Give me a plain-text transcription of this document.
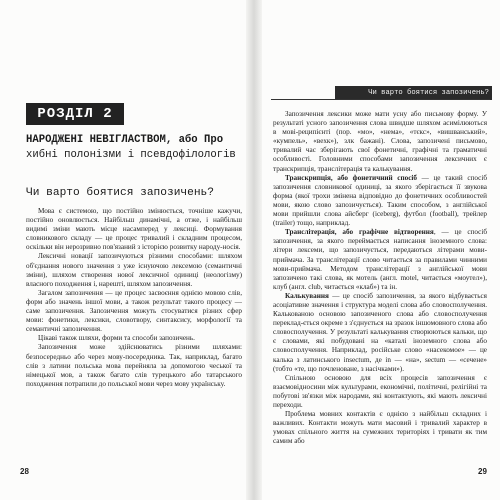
РОЗДІЛ 2
НАРОДЖЕНІ НЕВІГЛАСТВОМ, або Про
хибні полонізми і псевдофілологів
Чи варто боятися запозичень?

Мова є системою, що постійно змінюється, точніше кажучи, постійно оновлюється. Найбільш динамічні, а отже, і найбільш видимі зміни мають місце насамперед у лексиці. Формування словникового складу — це процес тривалий і складним процесом, оскільки він нерозривно пов'язаний з історією розвитку народу-носія.

Лексичні новації запозичуються різними способами: шляхом об'єднання нового значення з уже існуючою лексемою (семантичні зміни), шляхом створення нової лексичної одиниці (неологізму) власного походження і, нарешті, шляхом запозичення.

Загалом запозичення — це процес засвоєння однією мовою слів, форм або значень іншої мови, а також результат такого процесу — саме запозичення. Запозичення можуть стосуватися різних сфер мови: фонетики, лексики, словотвору, синтаксису, морфології та семантичні запозичення.

Цікаві також шляхи, форми та способи запозичень.

Запозичення може здійснюватись різними шляхами: безпосередньо або через мову-посередника. Так, наприклад, багато слів з латини польська мова перейняла за допомогою чеської та німецької мов, а також багато слів турецького або татарського походження потрапили до польської мови через мову українську.

28
Чи варто боятися запозичень?

Запозичення лексики може мати усну або письмову форму. У результаті усного запозичення слова швидше шляхом асимілюються в мові-реципієнті (пор. «мо», «нема», «тєкс», «вишванський», «кумпель», «вехк»), злк бажані). Слова, запозичені письмово, тривалий час зберігають свої фонетичні, графічні та граматичні особливості. Головними способами запозичення лексичних є транскрипція, транслітерація та калькування.

Транскрипція, або фонетичний спосіб — це такий спосіб запозичення словникової одиниці, за якого зберігається її звукова форма (якої трохи змінена відповідно до фонетичних особливостей мови, якою слово запозичується). Таким способом, з англійської мови прийшли слова айсберг (iceberg), футбол (football), трейлер (trailer) тощо, наприклад.

Транслітерація, або графічне відтворення, — це спосіб запозичення, за якого переймається написання іноземного слова: літери лексеми, що запозичується, передаються літерами мови-приймача. За транслітерації слово читається за правилами чинними мови-приймача. Методом транслітерації з англійської мови запозичено такі слова, як мотель (англ. motel, читається «моутел»), клуб (англ. club, читається «клаб») та ін.

Калькування — це спосіб запозичення, за якого відбувається асоціативне значення і структура моделі слова або словосполучення. Калькованою основою запозиченого слова або словосполучення переклад-ється окреме з з'єднується на зразок іншомовного слова або словосполучення. У результаті калькування створюються кальки, що є словами, які побудовані на «каталі іноземного слова або словосполучення. Наприклад, російське слово «насекомое» — це калька з латинського insectum, де in — «на», sectum — «сечене» (тобто «те, що почленоване, з насічками»).

Спільною основою для всіх процесів запозичення є взаємовідносини між культурами, економічні, політичні, релігійні та побутові зв'язки між народами, які контактують, які мають лексичні переходи.

Проблема мовних контактів є однією з найбільш складних і важливих. Контакти можуть мати масовий і тривалий характер в умовах спільного життя на сумежних територіях і тривати як тим самим або

29
